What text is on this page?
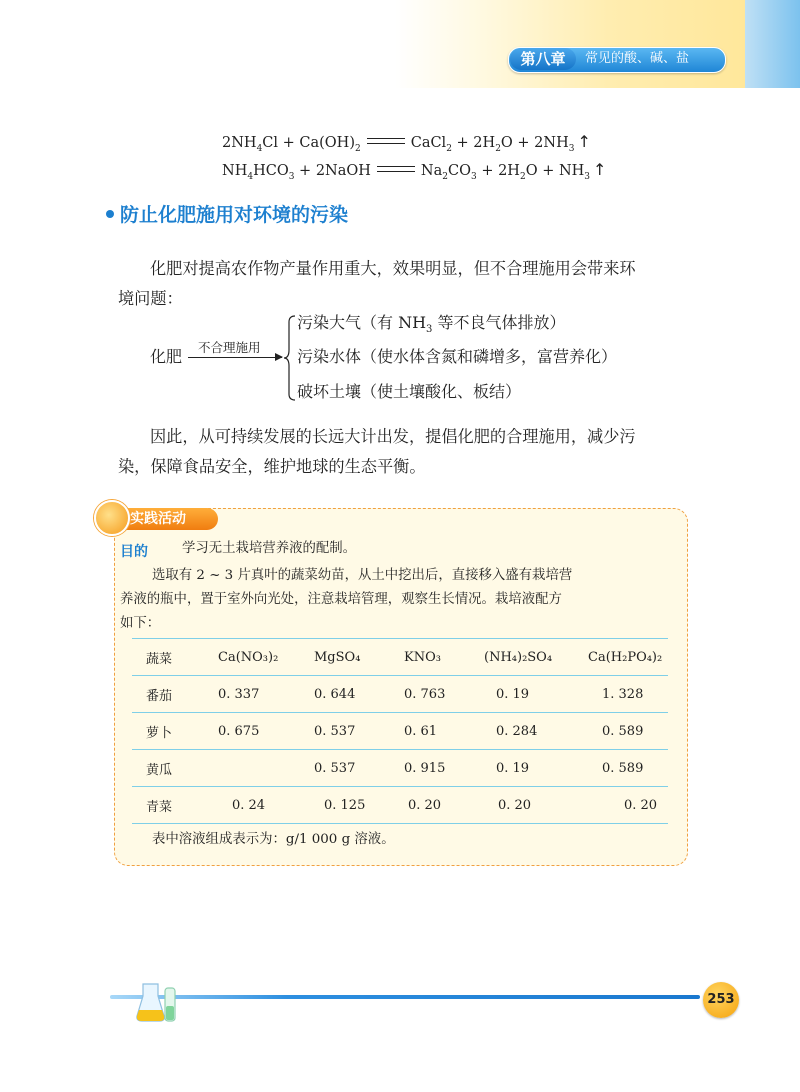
第八章	常见的酸、碱、盐
$2NH_4Cl + Ca(OH)_2$	CaCl$_2$ + $2H_2O + 2NH_3$ ↑
$NH_4HCO_3$ + 2NaOH	$Na_2CO_3 + 2H_2O + NH_3$ ↑
防止化肥施用对环境的污染
化肥对提高农作物产量作用重大，效果明显，但不合理施用会带来环
境问题：
化肥 不合理施用
污染大气（有 $NH_3$ 等不良气体排放）
污染水体（使水体含氮和磷增多，富营养化）
破坏土壤（使土壤酸化、板结）
因此，从可持续发展的长远大计出发，提倡化肥的合理施用，减少污
染，保障食品安全，维护地球的生态平衡。
实践活动
目的	学习无土栽培营养液的配制。
选取有 2 ~ 3 片真叶的蔬菜幼苗，从土中挖出后，直接移入盛有栽培营
养液的瓶中，置于室外向光处，注意栽培管理，观察生长情况。栽培液配方
如下：
蔬菜	Ca(NO₃)₂	MgSO₄	KNO₃	(NH₄)₂SO₄	Ca(H₂PO₄)₂
番茄	0. 337	0. 644	0. 763	0. 19	1. 328
萝卜	0. 675	0. 537	0. 61	0. 284	0. 589
黄瓜		0. 537	0. 915	0. 19	0. 589
青菜	0. 24	0. 125	0. 20	0. 20	0. 20
表中溶液组成表示为：g/1 000 g 溶液。
253
